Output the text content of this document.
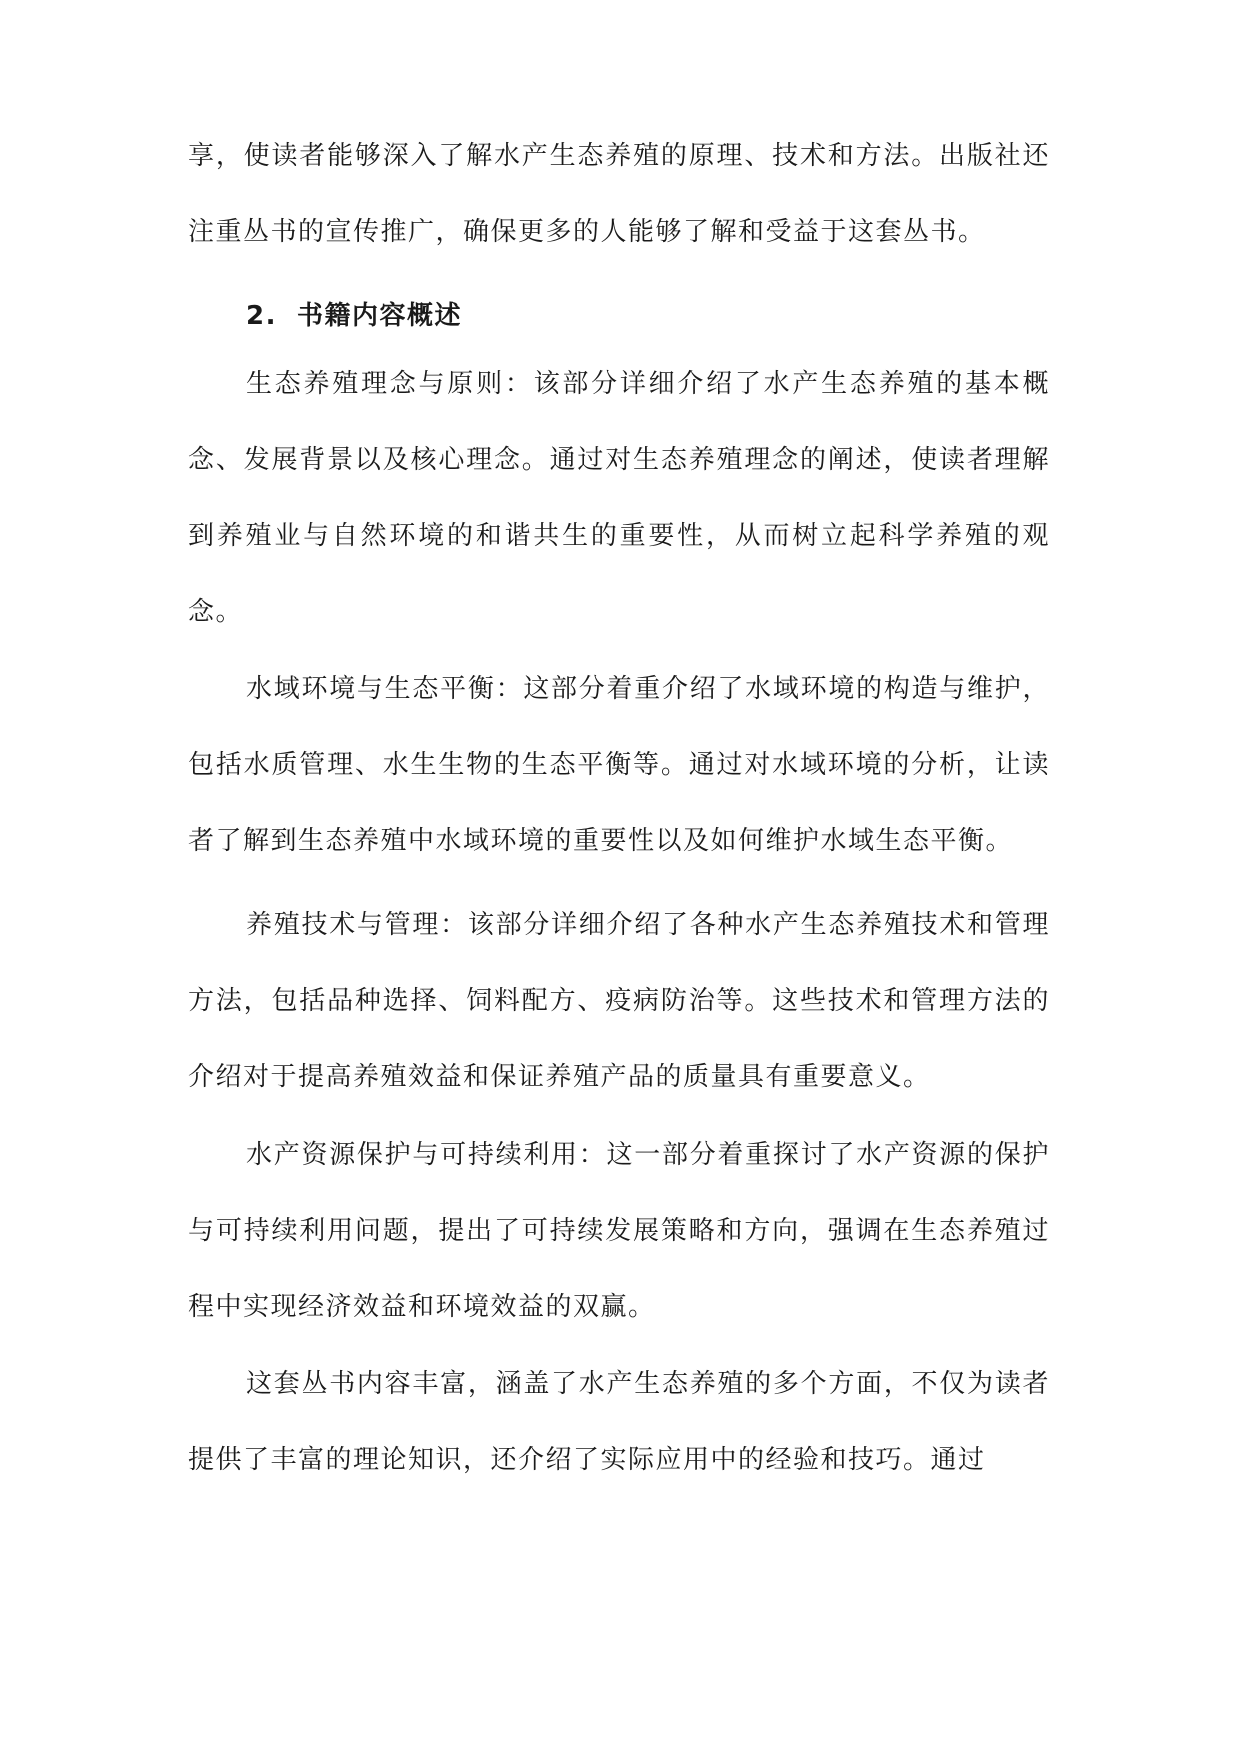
享，使读者能够深入了解水产生态养殖的原理、技术和方法。出版社还注重丛书的宣传推广，确保更多的人能够了解和受益于这套丛书。

2. 书籍内容概述

生态养殖理念与原则：该部分详细介绍了水产生态养殖的基本概念、发展背景以及核心理念。通过对生态养殖理念的阐述，使读者理解到养殖业与自然环境的和谐共生的重要性，从而树立起科学养殖的观念。

水域环境与生态平衡：这部分着重介绍了水域环境的构造与维护，包括水质管理、水生生物的生态平衡等。通过对水域环境的分析，让读者了解到生态养殖中水域环境的重要性以及如何维护水域生态平衡。

养殖技术与管理：该部分详细介绍了各种水产生态养殖技术和管理方法，包括品种选择、饲料配方、疫病防治等。这些技术和管理方法的介绍对于提高养殖效益和保证养殖产品的质量具有重要意义。

水产资源保护与可持续利用：这一部分着重探讨了水产资源的保护与可持续利用问题，提出了可持续发展策略和方向，强调在生态养殖过程中实现经济效益和环境效益的双赢。

这套丛书内容丰富，涵盖了水产生态养殖的多个方面，不仅为读者提供了丰富的理论知识，还介绍了实际应用中的经验和技巧。通过
